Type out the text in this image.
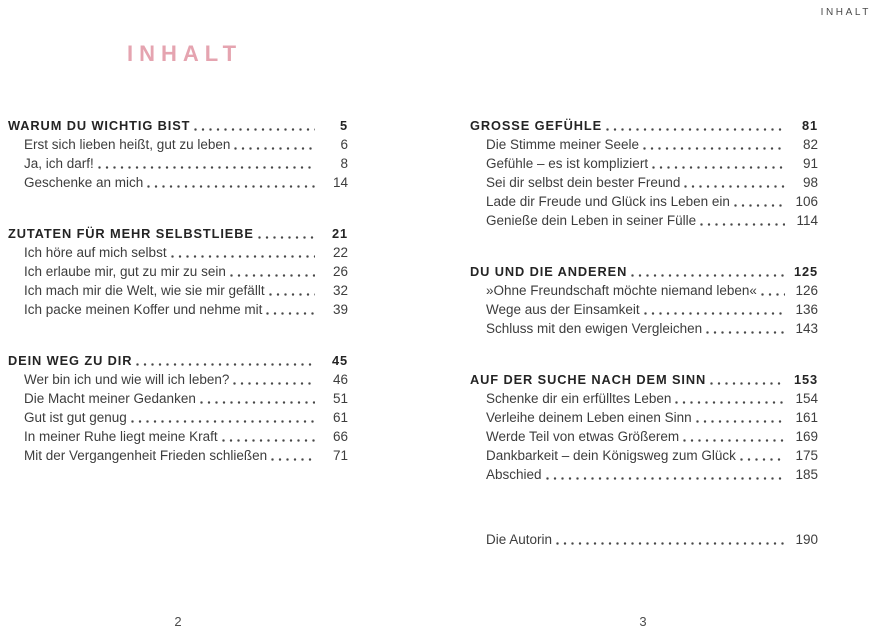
INHALT
INHALT
WARUM DU WICHTIG BIST	5
Erst sich lieben heißt, gut zu leben	6
Ja, ich darf!	8
Geschenke an mich	14
ZUTATEN FÜR MEHR SELBSTLIEBE	21
Ich höre auf mich selbst	22
Ich erlaube mir, gut zu mir zu sein	26
Ich mach mir die Welt, wie sie mir gefällt	32
Ich packe meinen Koffer und nehme mit	39
DEIN WEG ZU DIR	45
Wer bin ich und wie will ich leben?	46
Die Macht meiner Gedanken	51
Gut ist gut genug	61
In meiner Ruhe liegt meine Kraft	66
Mit der Vergangenheit Frieden schließen	71
GROSSE GEFÜHLE	81
Die Stimme meiner Seele	82
Gefühle – es ist kompliziert	91
Sei dir selbst dein bester Freund	98
Lade dir Freude und Glück ins Leben ein	106
Genieße dein Leben in seiner Fülle	114
DU UND DIE ANDEREN	125
»Ohne Freundschaft möchte niemand leben«	126
Wege aus der Einsamkeit	136
Schluss mit den ewigen Vergleichen	143
AUF DER SUCHE NACH DEM SINN	153
Schenke dir ein erfülltes Leben	154
Verleihe deinem Leben einen Sinn	161
Werde Teil von etwas Größerem	169
Dankbarkeit – dein Königsweg zum Glück	175
Abschied	185
Die Autorin	190
2	3
